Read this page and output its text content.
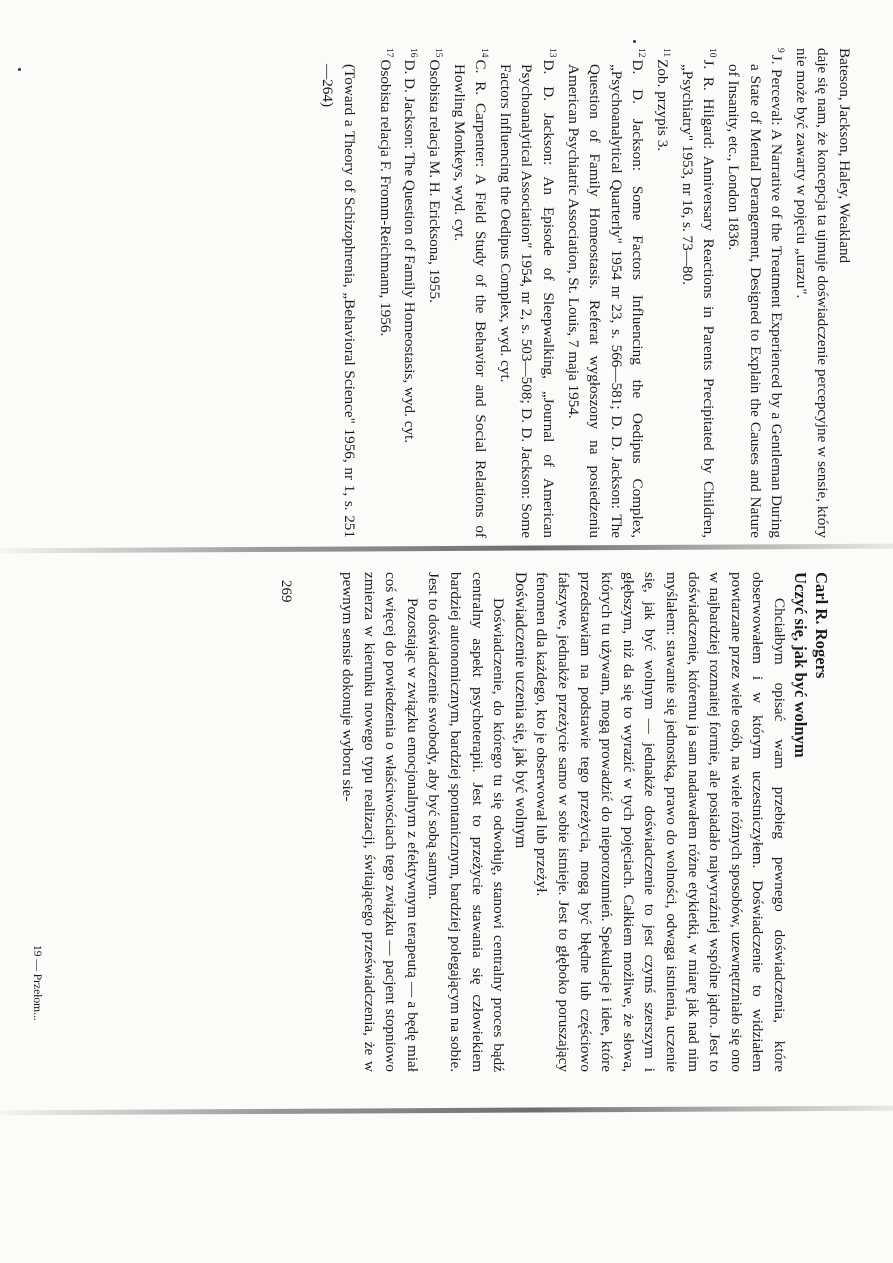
Bateson, Jackson, Haley, Weakland

daje się nam, że koncepcja ta ujmuje doświadczenie percepcyjne w sensie, który nie może być zawarty w pojęciu „urazu".

$^9$J. Perceval: A Narrative of the Treatment Experienced by a Gentleman During a State of Mental Derangement, Designed to Explain the Causes and Nature of Insanity, etc., London 1836.

$^{10}$J. R. Hilgard: Anniversary Reactions in Parents Precipitated by Children, „Psychiatry" 1953, nr 16, s. 73—80.

$^{11}$Zob. przypis 3.

$^{12}$D. D. Jackson: Some Factors Influencing the Oedipus Complex, „Psychoanalytical Quarterly" 1954 nr 23, s. 566—581; D. D. Jackson: The Question of Family Homeostasis. Referat wygłoszony na posiedzeniu American Psychiatric Association, St. Louis, 7 maja 1954.

$^{13}$D. D. Jackson: An Episode of Sleepwalking, „Journal of American Psychoanalytical Association" 1954, nr 2, s. 503—508; D. D. Jackson: Some Factors Influencing the Oedipus Complex, wyd. cyt.

$^{14}$C. R. Carpenter: A Field Study of the Behavior and Social Relations of Howling Monkeys, wyd. cyt.

$^{15}$Osobista relacja M. H. Ericksona, 1955.

$^{16}$D. D. Jackson: The Question of Family Homeostasis, wyd. cyt.

$^{17}$Osobista relacja F. Fromm-Reichmann, 1956.

(Toward a Theory of Schizophrenia, „Behavioral Science" 1956, nr 1, s. 251—264)

Carl R. Rogers

Uczyć się, jak być wolnym

Chciałbym opisać wam przebieg pewnego doświadczenia, które obserwowałem i w którym uczestniczyłem. Doświadczenie to widziałem powtarzane przez wiele osób, na wiele różnych sposobów, uzewnętrzniało się ono w najbardziej rozmaitej formie, ale posiadało najwyraźniej wspólne jądro. Jest to doświadczenie, któremu ja sam nadawałem różne etykietki, w miarę jak nad nim myślałem: stawanie się jednostką, prawo do wolności, odwaga istnienia, uczenie się, jak być wolnym — jednakże doświadczenie to jest czymś szerszym i głębszym, niż da się to wyrazić w tych pojęciach. Całkiem możliwe, że słowa, których tu używam, mogą prowadzić do nieporozumień. Spekulacje i idee, które przedstawiam na podstawie tego przeżycia, mogą być błędne lub częściowo fałszywe, jednakże przeżycie samo w sobie istnieje. Jest to głęboko poruszający fenomen dla każdego, kto je obserwował lub przeżył.

Doświadczenie uczenia się, jak być wolnym

Doświadczenie, do którego tu się odwołuję, stanowi centralny proces bądź centralny aspekt psychoterapii. Jest to przeżycie stawania się człowiekiem bardziej autonomicznym, bardziej spontanicznym, bardziej polegającym na sobie. Jest to doświadczenie swobody, aby być sobą samym.

Pozostając w związku emocjonalnym z efektywnym terapeutą — a będę miał coś więcej do powiedzenia o właściwościach tego związku — pacjent stopniowo zmierza w kierunku nowego typu realizacji, świtającego przeświadczenia, że w pewnym sensie dokonuje wyboru sie-

269
19 — Przełom...
